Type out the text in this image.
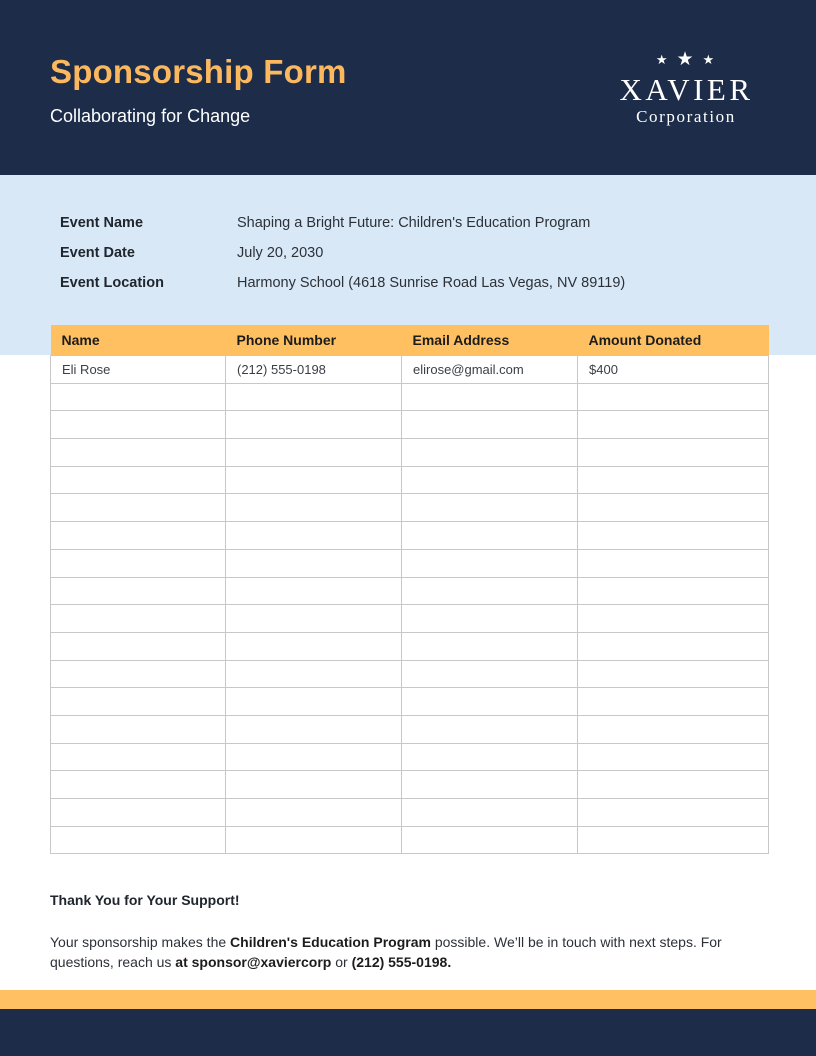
Sponsorship Form

Collaborating for Change

★ ★ ★
XAVIER
Corporation
Event Name	Shaping a Bright Future: Children's Education Program
Event Date	July 20, 2030
Event Location	Harmony School (4618 Sunrise Road Las Vegas, NV 89119)
Name	Phone Number	Email Address	Amount Donated
Eli Rose	(212) 555-0198	elirose@gmail.com	$400

Thank You for Your Support!

Your sponsorship makes the Children's Education Program possible. We’ll be in touch with next steps. For questions, reach us at sponsor@xaviercorp or (212) 555-0198.
